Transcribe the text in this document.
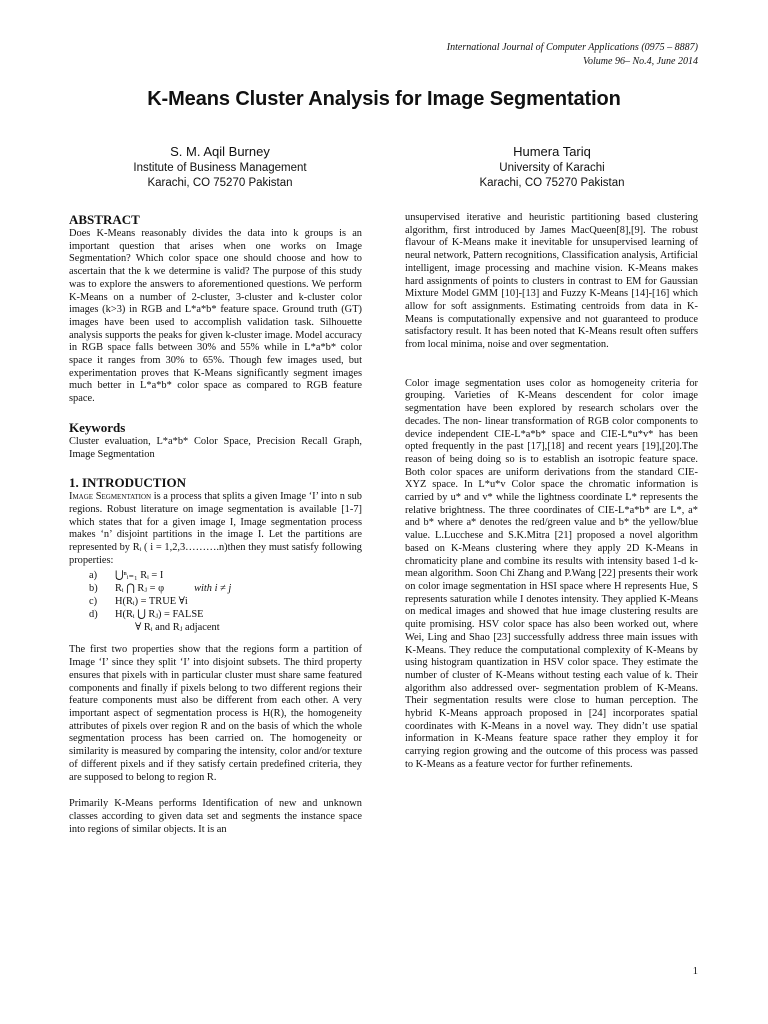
International Journal of Computer Applications (0975 – 8887)
Volume 96– No.4, June 2014
K-Means Cluster Analysis for Image Segmentation
S. M. Aqil Burney
Institute of Business Management
Karachi, CO 75270 Pakistan
Humera Tariq
University of Karachi
Karachi, CO 75270 Pakistan
ABSTRACT

Does K-Means reasonably divides the data into k groups is an important question that arises when one works on Image Segmentation? Which color space one should choose and how to ascertain that the k we determine is valid? The purpose of this study was to explore the answers to aforementioned questions. We perform K-Means on a number of 2-cluster, 3-cluster and k-cluster color images (k>3) in RGB and L*a*b* feature space. Ground truth (GT) images have been used to accomplish validation task. Silhouette analysis supports the peaks for given k-cluster image. Model accuracy in RGB space falls between 30% and 55% while in L*a*b* color space it ranges from 30% to 65%. Though few images used, but experimentation proves that K-Means significantly segment images much better in L*a*b* color space as compared to RGB feature space.

Keywords

Cluster evaluation, L*a*b* Color Space, Precision Recall Graph, Image Segmentation

1. INTRODUCTION

Image Segmentation is a process that splits a given Image ‘I’ into n sub regions. Robust literature on image segmentation is available [1-7] which states that for a given image I, Image segmentation process makes ‘n’ disjoint partitions in the image I. Let the partitions are represented by Rᵢ ( i = 1,2,3……….n)then they must satisfy following properties:

a)	⋃ⁿᵢ₌₁ Rᵢ = I
b)	Rᵢ ⋂ Rⱼ = φ	with i ≠ j
c)	H(Rᵢ) = TRUE ∀i
d)	H(Rᵢ ⋃ Rⱼ) = FALSE
∀ Rᵢ and Rⱼ adjacent

The first two properties show that the regions form a partition of Image ‘I’ since they split ‘I’ into disjoint subsets. The third property ensures that pixels with in particular cluster must share same featured components and finally if pixels belong to two different regions their feature components must also be different from each other. A very important aspect of segmentation process is H(R), the homogeneity attributes of pixels over region R and on the basis of which the whole segmentation process has been carried on. The homogeneity or similarity is measured by comparing the intensity, color and/or texture of different pixels and if they satisfy certain predefined criteria, they are supposed to belong to region R.

Primarily K-Means performs Identification of new and unknown classes according to given data set and segments the instance space into regions of similar objects. It is an

unsupervised iterative and heuristic partitioning based clustering algorithm, first introduced by James MacQueen[8],[9]. The robust flavour of K-Means make it inevitable for unsupervised learning of neural network, Pattern recognitions, Classification analysis, Artificial intelligent, image processing and machine vision. K-Means makes hard assignments of points to clusters in contrast to EM for Gaussian Mixture Model GMM [10]-[13] and Fuzzy K-Means [14]-[16] which allow for soft assignments. Estimating centroids from data in K-Means is computationally expensive and not guaranteed to produce satisfactory result. It has been noted that K-Means result often suffers from local minima, noise and over segmentation.

Color image segmentation uses color as homogeneity criteria for grouping. Varieties of K-Means descendent for color image segmentation have been explored by research scholars over the decades. The non- linear transformation of RGB color components to device independent CIE-L*a*b* space and CIE-L*u*v* has been opted frequently in the past [17],[18] and recent years [19],[20].The reason of being doing so is to establish an isotropic feature space. Both color spaces are uniform derivations from the standard CIE-XYZ space. In L*u*v Color space the chromatic information is carried by u* and v* while the lightness coordinate L* represents the relative brightness. The three coordinates of CIE-L*a*b* are L*, a* and b* where a* denotes the red/green value and b* the yellow/blue value. L.Lucchese and S.K.Mitra [21] proposed a novel algorithm based on K-Means clustering where they apply 2D K-Means in chromaticity plane and combine its results with intensity based 1-d k- mean algorithm. Soon Chi Zhang and P.Wang [22] presents their work on color image segmentation in HSI space where H represents Hue, S represents saturation while I denotes intensity. They applied K-Means on medical images and showed that hue image clustering results are quite promising. HSV color space has also been worked out, where Wei, Ling and Shao [23] successfully address three main issues with K-Means. They reduce the computational complexity of K-Means by using histogram quantization in HSV color space. They estimate the number of cluster of K-Means without testing each value of k. Their algorithm also addressed over- segmentation problem of K-Means. Their segmentation results were close to human perception. The hybrid K-Means approach proposed in [24] incorporates spatial coordinates with K-Means in a novel way. They didn’t use spatial information in K-Means feature space rather they employ it for carrying region growing and the outcome of this process was passed to K-Means as a feature vector for further refinements.

1
